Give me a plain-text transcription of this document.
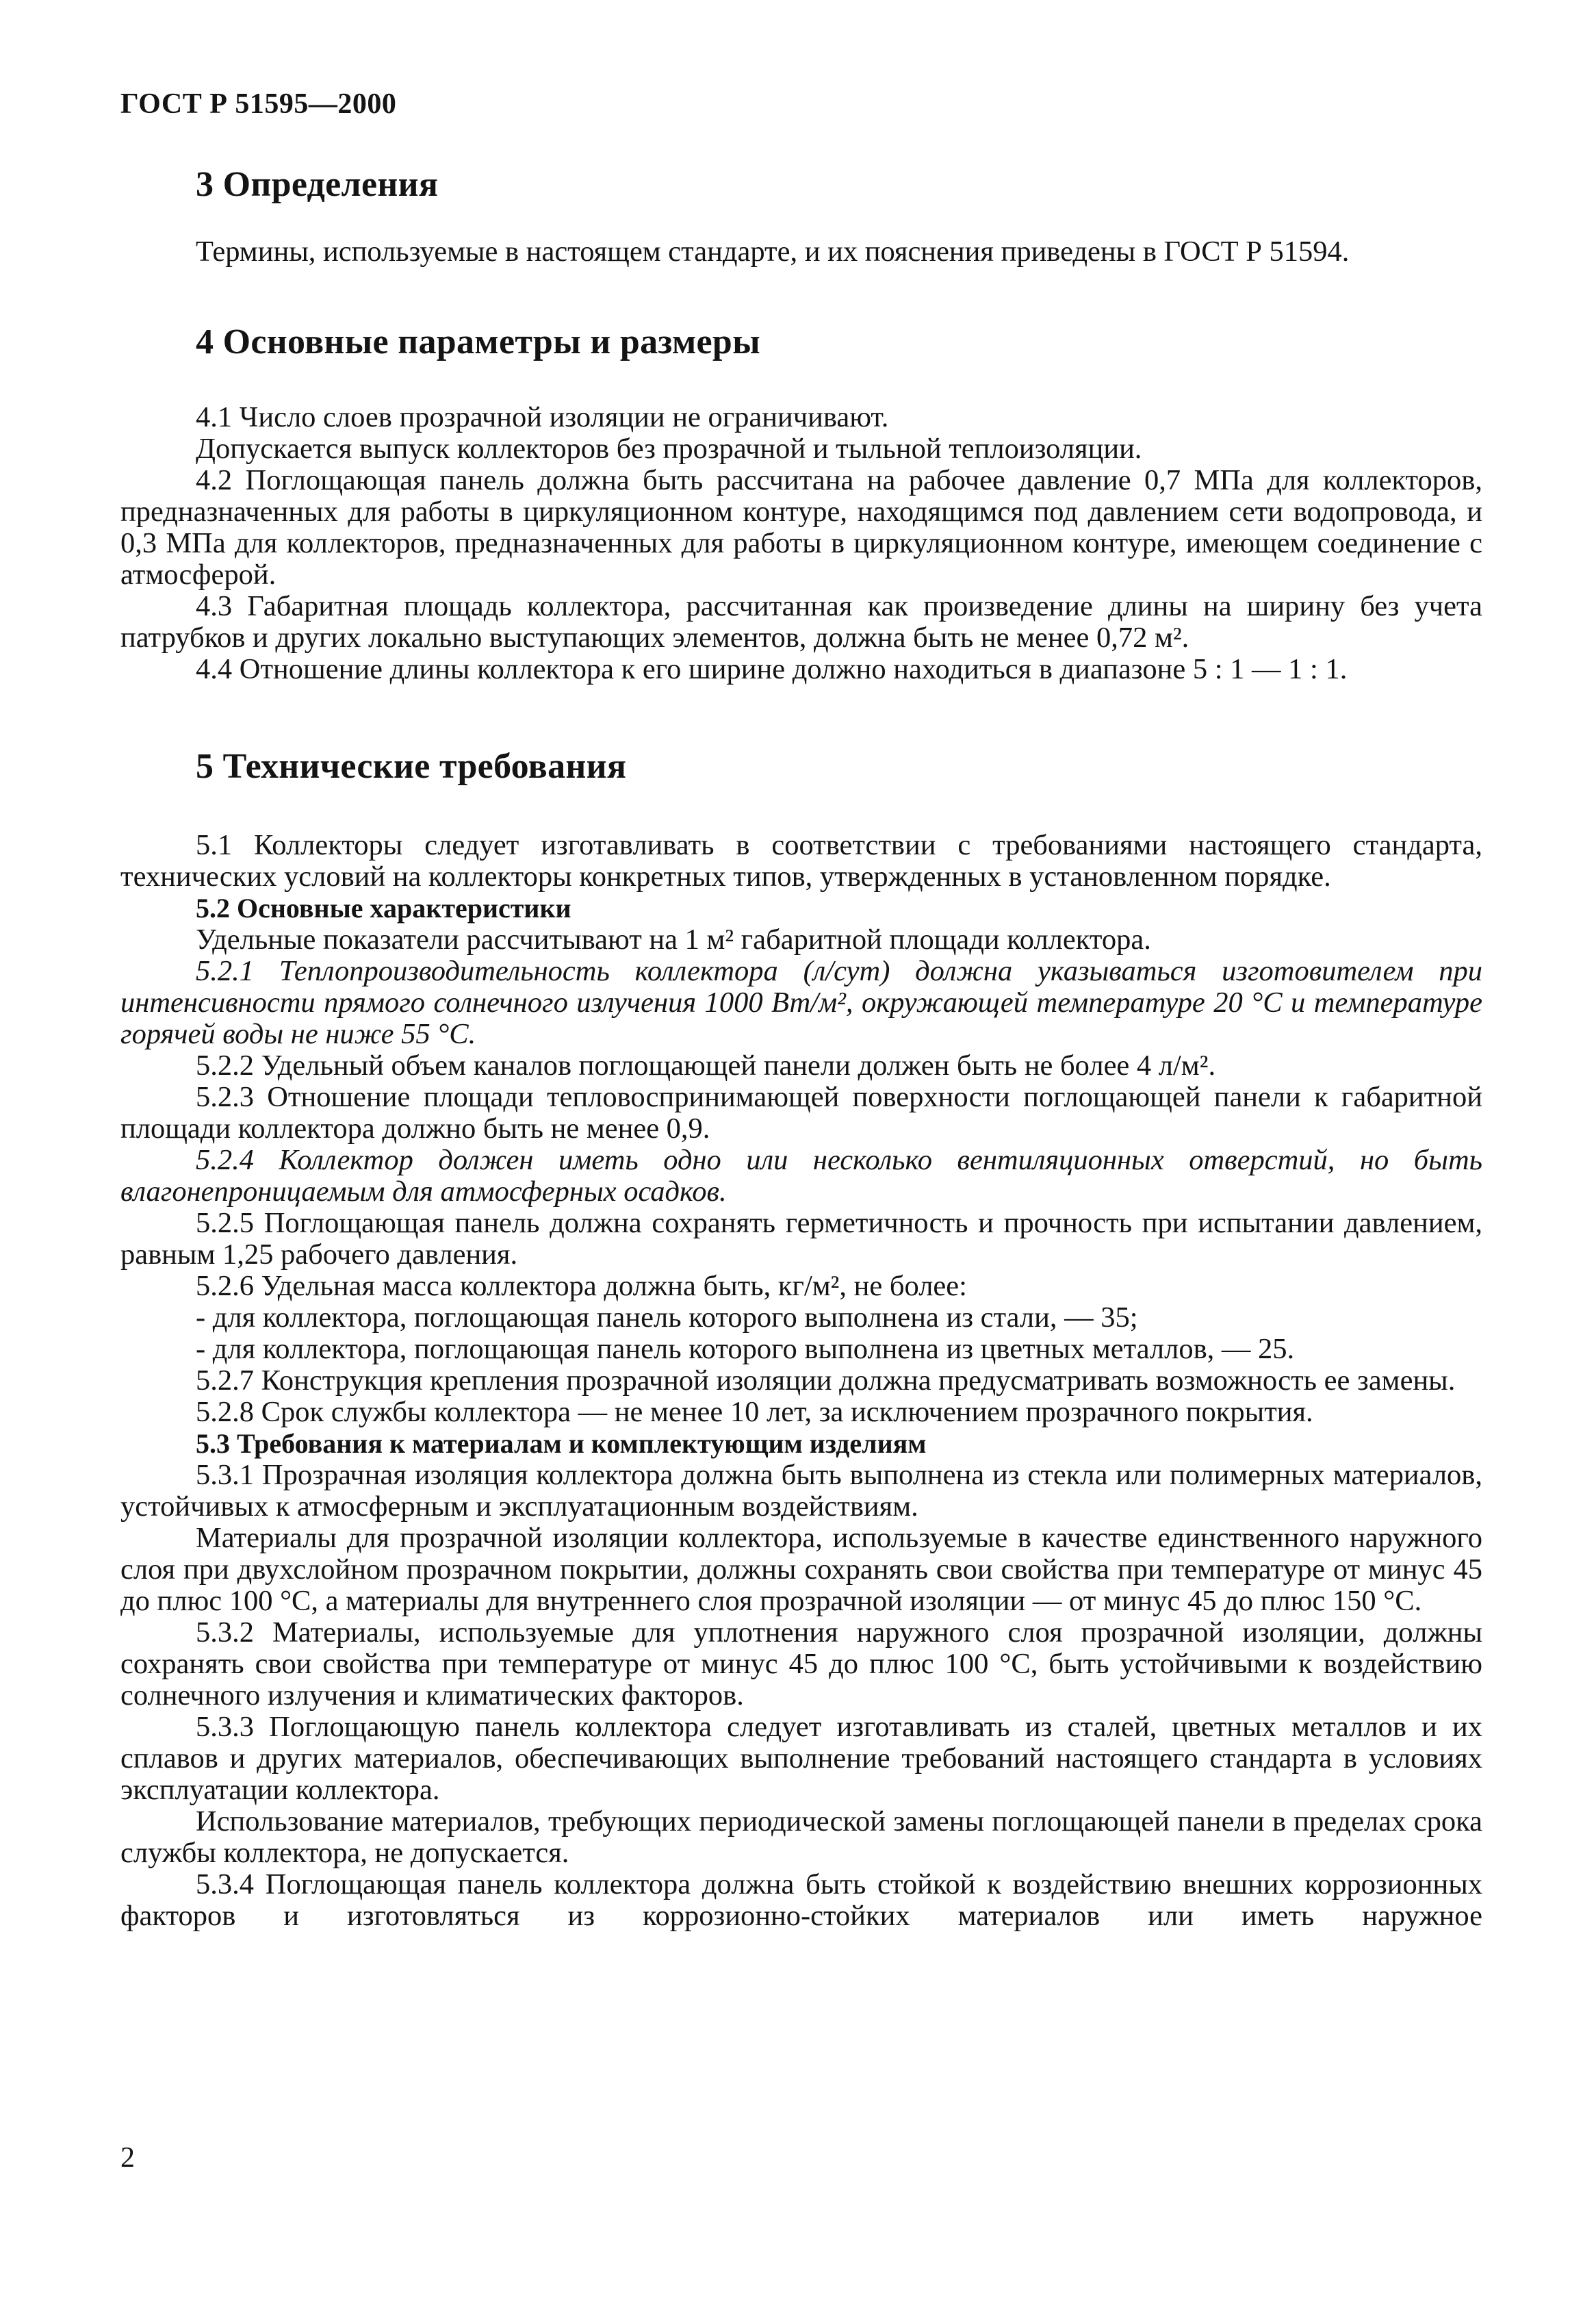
ГОСТ Р 51595—2000
3 Определения

Термины, используемые в настоящем стандарте, и их пояснения приведены в ГОСТ Р 51594.

4 Основные параметры и размеры

4.1 Число слоев прозрачной изоляции не ограничивают.

Допускается выпуск коллекторов без прозрачной и тыльной теплоизоляции.

4.2 Поглощающая панель должна быть рассчитана на рабочее давление 0,7 МПа для коллекторов, предназначенных для работы в циркуляционном контуре, находящимся под давлением сети водопровода, и 0,3 МПа для коллекторов, предназначенных для работы в циркуляционном контуре, имеющем соединение с атмосферой.

4.3 Габаритная площадь коллектора, рассчитанная как произведение длины на ширину без учета патрубков и других локально выступающих элементов, должна быть не менее 0,72 м².

4.4 Отношение длины коллектора к его ширине должно находиться в диапазоне 5 : 1 — 1 : 1.

5 Технические требования

5.1 Коллекторы следует изготавливать в соответствии с требованиями настоящего стандарта, технических условий на коллекторы конкретных типов, утвержденных в установленном порядке.

5.2 Основные характеристики

Удельные показатели рассчитывают на 1 м² габаритной площади коллектора.

5.2.1 Теплопроизводительность коллектора (л/сут) должна указываться изготовителем при интенсивности прямого солнечного излучения 1000 Вт/м², окружающей температуре 20 °С и температуре горячей воды не ниже 55 °С.

5.2.2 Удельный объем каналов поглощающей панели должен быть не более 4 л/м².

5.2.3 Отношение площади тепловоспринимающей поверхности поглощающей панели к габаритной площади коллектора должно быть не менее 0,9.

5.2.4 Коллектор должен иметь одно или несколько вентиляционных отверстий, но быть влагонепроницаемым для атмосферных осадков.

5.2.5 Поглощающая панель должна сохранять герметичность и прочность при испытании давлением, равным 1,25 рабочего давления.

5.2.6 Удельная масса коллектора должна быть, кг/м², не более:

- для коллектора, поглощающая панель которого выполнена из стали, — 35;

- для коллектора, поглощающая панель которого выполнена из цветных металлов, — 25.

5.2.7 Конструкция крепления прозрачной изоляции должна предусматривать возможность ее замены.

5.2.8 Срок службы коллектора — не менее 10 лет, за исключением прозрачного покрытия.

5.3 Требования к материалам и комплектующим изделиям

5.3.1 Прозрачная изоляция коллектора должна быть выполнена из стекла или полимерных материалов, устойчивых к атмосферным и эксплуатационным воздействиям.

Материалы для прозрачной изоляции коллектора, используемые в качестве единственного наружного слоя при двухслойном прозрачном покрытии, должны сохранять свои свойства при температуре от минус 45 до плюс 100 °С, а материалы для внутреннего слоя прозрачной изоляции — от минус 45 до плюс 150 °С.

5.3.2 Материалы, используемые для уплотнения наружного слоя прозрачной изоляции, должны сохранять свои свойства при температуре от минус 45 до плюс 100 °С, быть устойчивыми к воздействию солнечного излучения и климатических факторов.

5.3.3 Поглощающую панель коллектора следует изготавливать из сталей, цветных металлов и их сплавов и других материалов, обеспечивающих выполнение требований настоящего стандарта в условиях эксплуатации коллектора.

Использование материалов, требующих периодической замены поглощающей панели в пределах срока службы коллектора, не допускается.

5.3.4 Поглощающая панель коллектора должна быть стойкой к воздействию внешних коррозионных факторов и изготовляться из коррозионно-стойких материалов или иметь наружное

2
